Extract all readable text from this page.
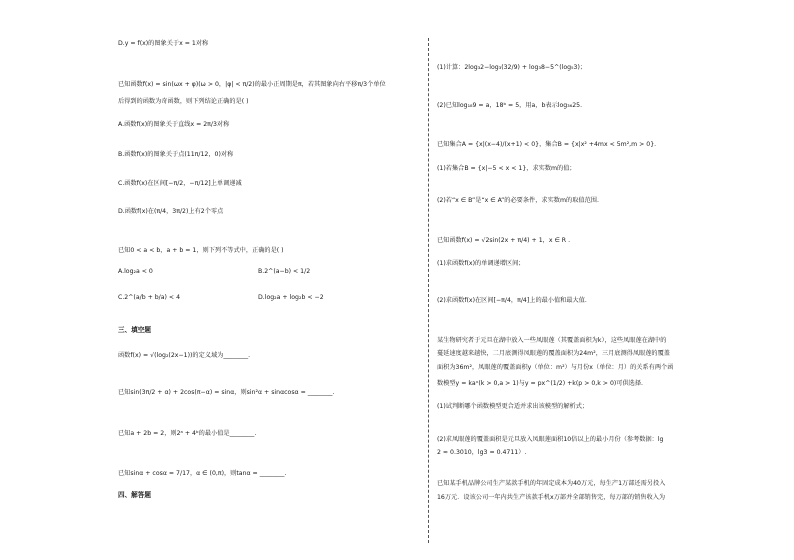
D.y = f(x)的图象关于x = 1对称
已知函数f(x) = sin(ωx + φ)(ω > 0，|φ| < π/2)的最小正周期是π，若其图象向右平移π/3个单位
后得到的函数为奇函数，则下列结论正确的是( )
A.函数f(x)的图象关于直线x = 2π/3对称
B.函数f(x)的图象关于点(11π/12，0)对称
C.函数f(x)在区间[−π/2，−π/12]上单调递减
D.函数f(x)在(π/4，3π/2)上有2个零点
已知0 < a < b，a + b = 1，则下列不等式中，正确的是( )
A.log₂a < 0	B.2^(a−b) < 1/2
C.2^(a/b + b/a) < 4	D.log₂a + log₂b < −2
三、填空题
函数f(x) = √(log₂(2x−1))的定义域为________.
已知sin(3π/2 + α) + 2cos(π−α) = sinα，则sin²α + sinαcosα = ________.
已知a + 2b = 2，则2ᵃ + 4ᵇ的最小值是________.
已知sinα + cosα = 7/17，α ∈ (0,π)，则tanα = ________.
四、解答题
(1)计算：2log₃2−log₃(32/9) + log₃8−5^(log₅3)；
(2)已知log₁₈9 = a，18ᵇ = 5，用a，b表示log₃₆25.
已知集合A = {x|(x−4)/(x+1) < 0}，集合B = {x|x² +4mx < 5m²,m > 0}.
(1)若集合B = {x|−5 < x < 1}，求实数m的值；
(2)若“x ∈ B”是“x ∈ A”的必要条件，求实数m的取值范围.
已知函数f(x) = √2sin(2x + π/4) + 1，x ∈ R .
(1)求函数f(x)的单调递增区间；
(2)求函数f(x)在区间[−π/4，π/4]上的最小值和最大值.
某生物研究者于元旦在湖中放入一些凤眼莲（其覆盖面积为k），这些凤眼莲在湖中的
蔓延速度越来越快，二月底测得凤眼莲的覆盖面积为24m²，三月底测得凤眼莲的覆盖
面积为36m²，凤眼莲的覆盖面积y（单位：m²）与月份x（单位：月）的关系有两个函
数模型y = kaˣ(k > 0,a > 1)与y = px^(1/2) +k(p > 0,k > 0)可供选择.
(1)试判断哪个函数模型更合适并求出该模型的解析式；
(2)求凤眼莲的覆盖面积是元旦放入凤眼莲面积10倍以上的最小月份（参考数据：lg
2 ≈ 0.3010，lg3 = 0.4711）.
已知某手机品牌公司生产某款手机的年固定成本为40万元，每生产1万部还需另投入
16万元．设该公司一年内共生产该款手机x万部并全部销售完，每万部的销售收入为
